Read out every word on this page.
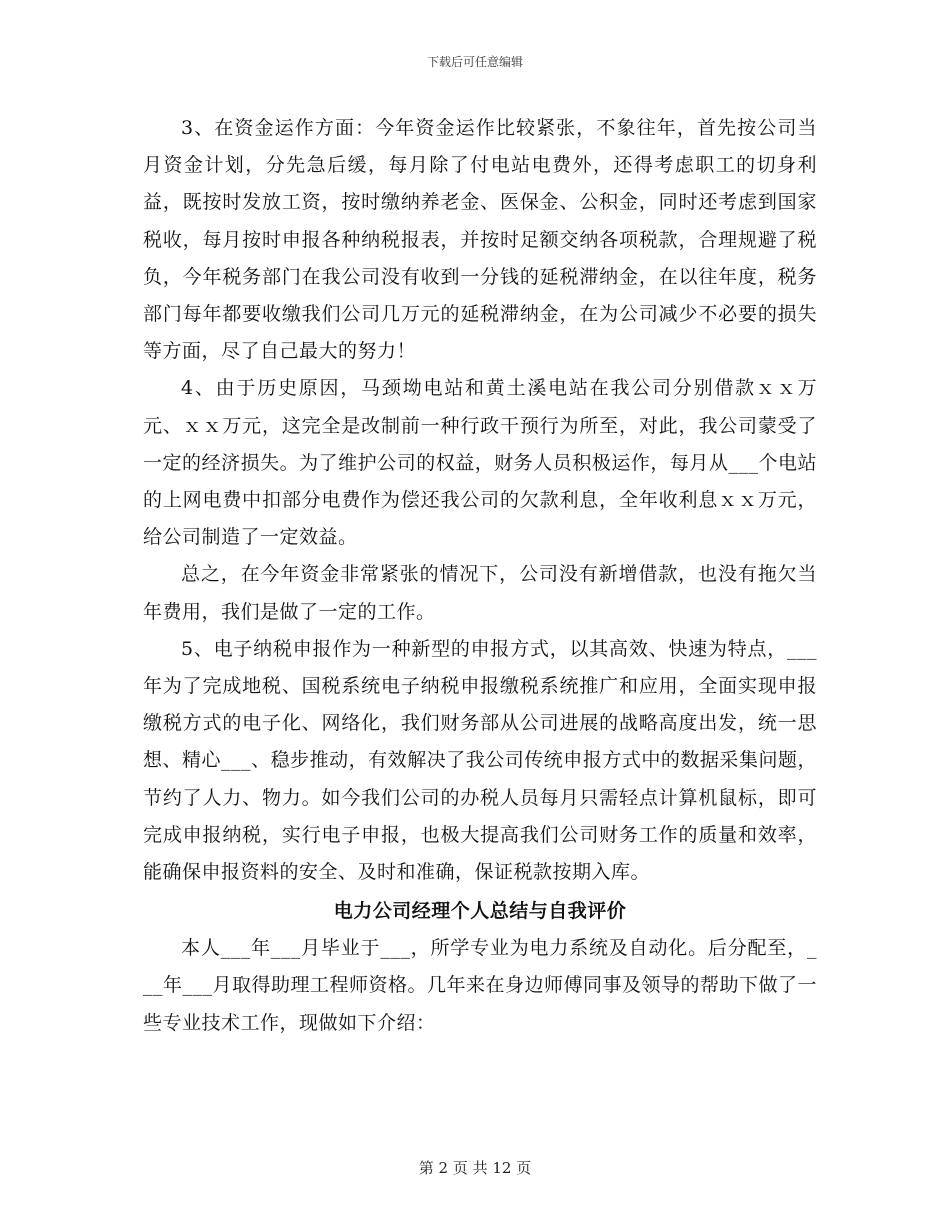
下载后可任意编辑

3、在资金运作方面：今年资金运作比较紧张，不象往年，首先按公司当月资金计划，分先急后缓，每月除了付电站电费外，还得考虑职工的切身利益，既按时发放工资，按时缴纳养老金、医保金、公积金，同时还考虑到国家税收，每月按时申报各种纳税报表，并按时足额交纳各项税款，合理规避了税负，今年税务部门在我公司没有收到一分钱的延税滞纳金，在以往年度，税务部门每年都要收缴我们公司几万元的延税滞纳金，在为公司减少不必要的损失等方面，尽了自己最大的努力！

4、由于历史原因，马颈坳电站和黄土溪电站在我公司分别借款ｘｘ万元、ｘｘ万元，这完全是改制前一种行政干预行为所至，对此，我公司蒙受了一定的经济损失。为了维护公司的权益，财务人员积极运作，每月从___个电站的上网电费中扣部分电费作为偿还我公司的欠款利息，全年收利息ｘｘ万元，给公司制造了一定效益。

总之，在今年资金非常紧张的情况下，公司没有新增借款，也没有拖欠当年费用，我们是做了一定的工作。

5、电子纳税申报作为一种新型的申报方式，以其高效、快速为特点，___年为了完成地税、国税系统电子纳税申报缴税系统推广和应用，全面实现申报缴税方式的电子化、网络化，我们财务部从公司进展的战略高度出发，统一思想、精心___、稳步推动，有效解决了我公司传统申报方式中的数据采集问题，节约了人力、物力。如今我们公司的办税人员每月只需轻点计算机鼠标，即可完成申报纳税，实行电子申报，也极大提高我们公司财务工作的质量和效率，能确保申报资料的安全、及时和准确，保证税款按期入库。

电力公司经理个人总结与自我评价

本人___年___月毕业于___，所学专业为电力系统及自动化。后分配至，___年___月取得助理工程师资格。几年来在身边师傅同事及领导的帮助下做了一些专业技术工作，现做如下介绍：

第 2 页 共 12 页
